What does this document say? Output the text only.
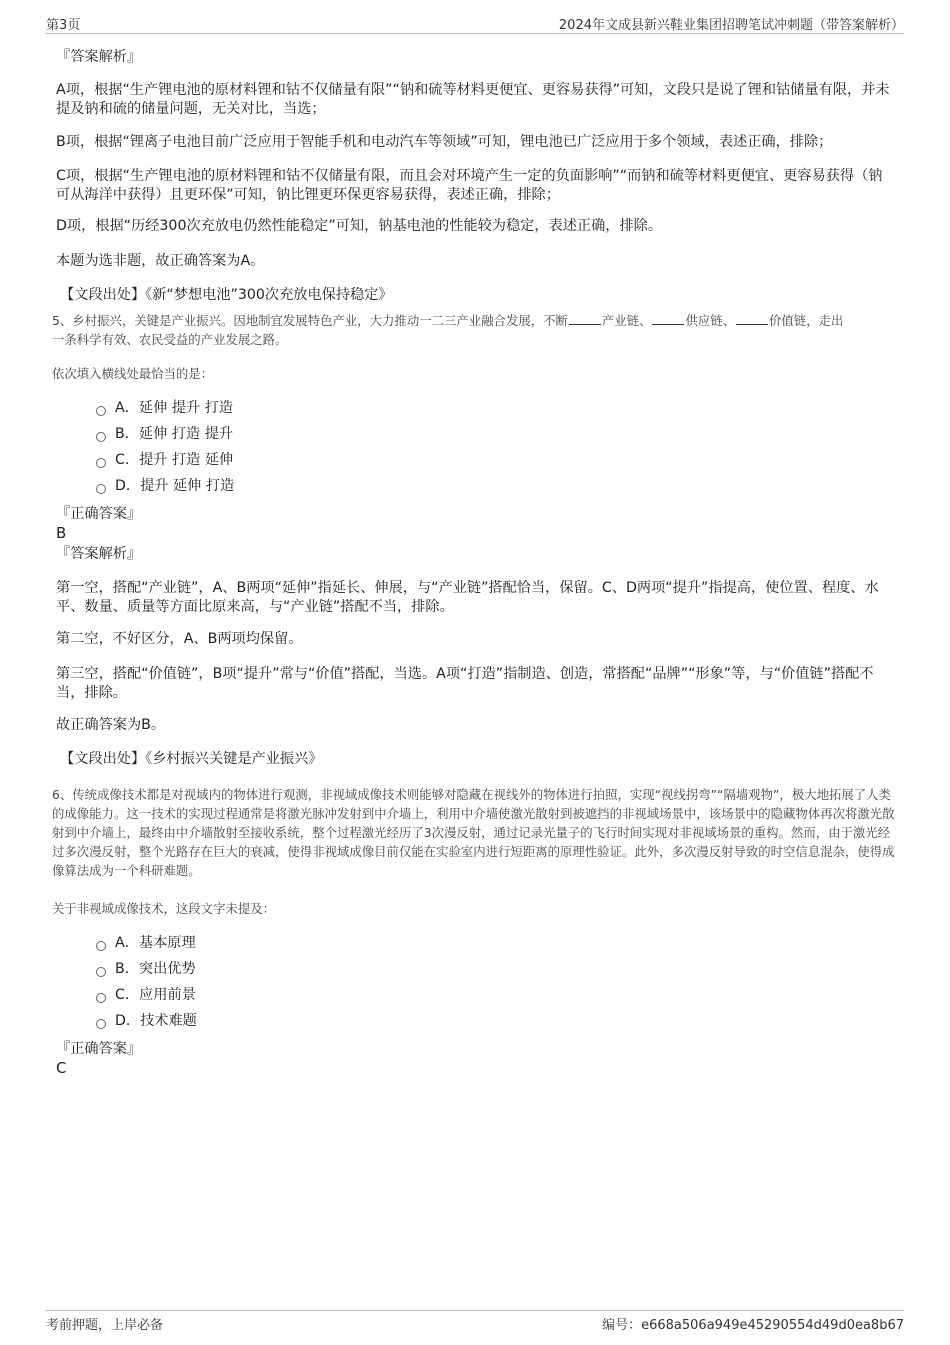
第3页	2024年文成县新兴鞋业集团招聘笔试冲刺题（带答案解析）
『答案解析』

A项，根据“生产锂电池的原材料锂和钴不仅储量有限”“钠和硫等材料更便宜、更容易获得”可知，文段只是说了锂和钴储量有限，并未提及钠和硫的储量问题，无关对比，当选；

B项，根据“锂离子电池目前广泛应用于智能手机和电动汽车等领域”可知，锂电池已广泛应用于多个领域，表述正确，排除；

C项，根据“生产锂电池的原材料锂和钴不仅储量有限，而且会对环境产生一定的负面影响”“而钠和硫等材料更便宜、更容易获得（钠可从海洋中获得）且更环保”可知，钠比锂更环保更容易获得，表述正确，排除；

D项，根据“历经300次充放电仍然性能稳定”可知，钠基电池的性能较为稳定，表述正确，排除。

本题为选非题，故正确答案为A。

【文段出处】《新“梦想电池”300次充放电保持稳定》

5、乡村振兴，关键是产业振兴。因地制宜发展特色产业，大力推动一二三产业融合发展，不断	产业链、	供应链、	价值链，走出
一条科学有效、农民受益的产业发展之路。

依次填入横线处最恰当的是：

A．延伸 提升 打造
B．延伸 打造 提升
C．提升 打造 延伸
D．提升 延伸 打造
『正确答案』
B
『答案解析』

第一空，搭配“产业链”，A、B两项“延伸”指延长、伸展，与“产业链”搭配恰当，保留。C、D两项“提升”指提高，使位置、程度、水平、数量、质量等方面比原来高，与“产业链”搭配不当，排除。

第二空，不好区分，A、B两项均保留。

第三空，搭配“价值链”，B项“提升”常与“价值”搭配，当选。A项“打造”指制造、创造，常搭配“品牌”“形象”等，与“价值链”搭配不当，排除。

故正确答案为B。

【文段出处】《乡村振兴关键是产业振兴》

6、传统成像技术都是对视域内的物体进行观测，非视域成像技术则能够对隐藏在视线外的物体进行拍照，实现“视线拐弯”“隔墙观物”，极大地拓展了人类的成像能力。这一技术的实现过程通常是将激光脉冲发射到中介墙上，利用中介墙使激光散射到被遮挡的非视域场景中，该场景中的隐藏物体再次将激光散射到中介墙上，最终由中介墙散射至接收系统，整个过程激光经历了3次漫反射，通过记录光量子的飞行时间实现对非视域场景的重构。然而，由于激光经过多次漫反射，整个光路存在巨大的衰减，使得非视域成像目前仅能在实验室内进行短距离的原理性验证。此外，多次漫反射导致的时空信息混杂，使得成像算法成为一个科研难题。

关于非视域成像技术，这段文字未提及：

A．基本原理
B．突出优势
C．应用前景
D．技术难题
『正确答案』
C
考前押题，上岸必备	编号：e668a506a949e45290554d49d0ea8b67
